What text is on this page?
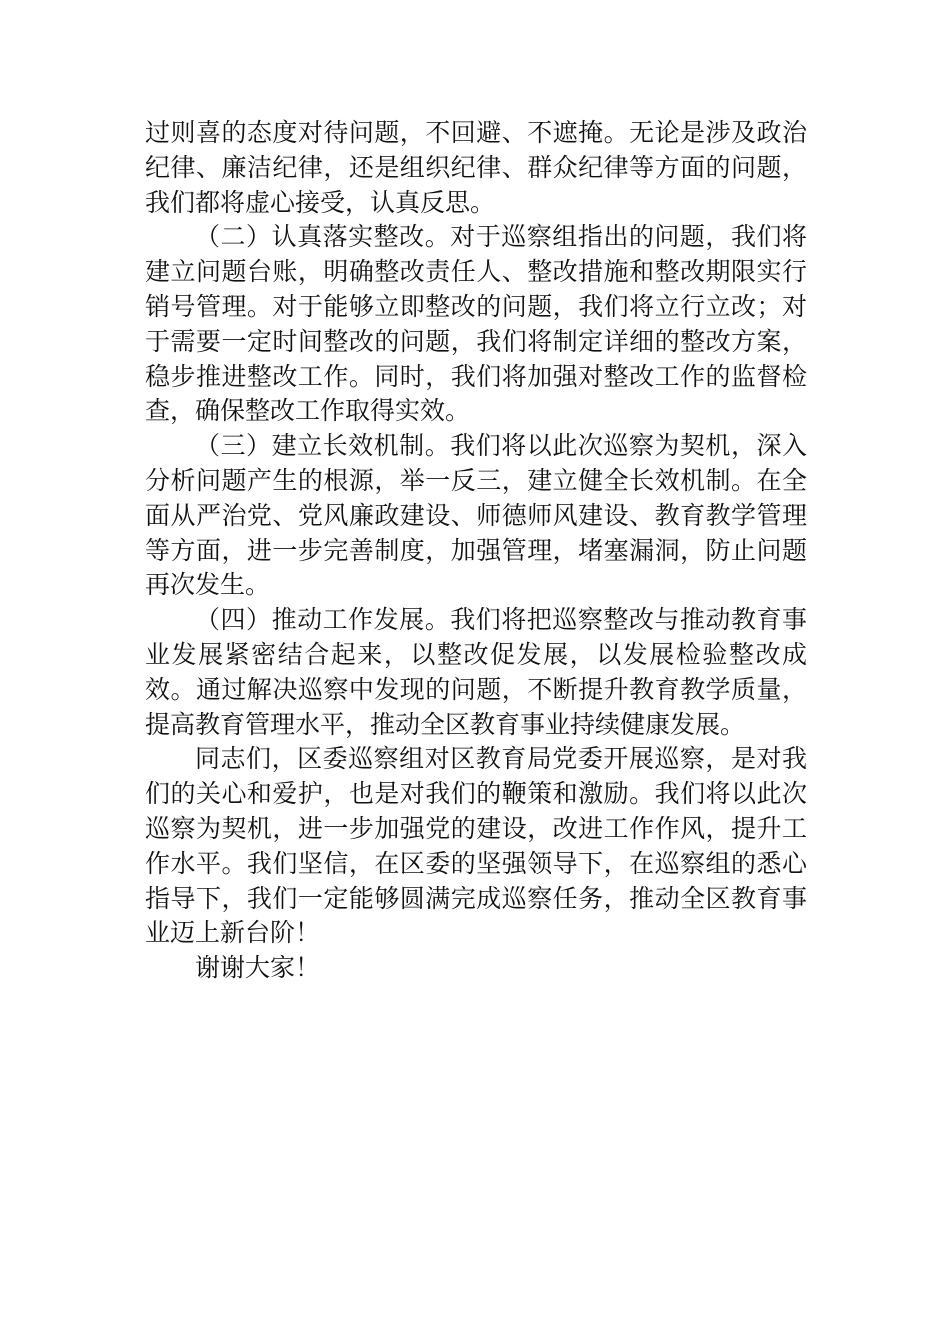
过则喜的态度对待问题，不回避、不遮掩。无论是涉及政治纪律、廉洁纪律，还是组织纪律、群众纪律等方面的问题，我们都将虚心接受，认真反思。

（二）认真落实整改。对于巡察组指出的问题，我们将建立问题台账，明确整改责任人、整改措施和整改期限实行销号管理。对于能够立即整改的问题，我们将立行立改；对于需要一定时间整改的问题，我们将制定详细的整改方案，稳步推进整改工作。同时，我们将加强对整改工作的监督检查，确保整改工作取得实效。

（三）建立长效机制。我们将以此次巡察为契机，深入分析问题产生的根源，举一反三，建立健全长效机制。在全面从严治党、党风廉政建设、师德师风建设、教育教学管理等方面，进一步完善制度，加强管理，堵塞漏洞，防止问题再次发生。

（四）推动工作发展。我们将把巡察整改与推动教育事业发展紧密结合起来，以整改促发展，以发展检验整改成效。通过解决巡察中发现的问题，不断提升教育教学质量，提高教育管理水平，推动全区教育事业持续健康发展。

同志们，区委巡察组对区教育局党委开展巡察，是对我们的关心和爱护，也是对我们的鞭策和激励。我们将以此次巡察为契机，进一步加强党的建设，改进工作作风，提升工作水平。我们坚信，在区委的坚强领导下，在巡察组的悉心指导下，我们一定能够圆满完成巡察任务，推动全区教育事业迈上新台阶！

谢谢大家！
